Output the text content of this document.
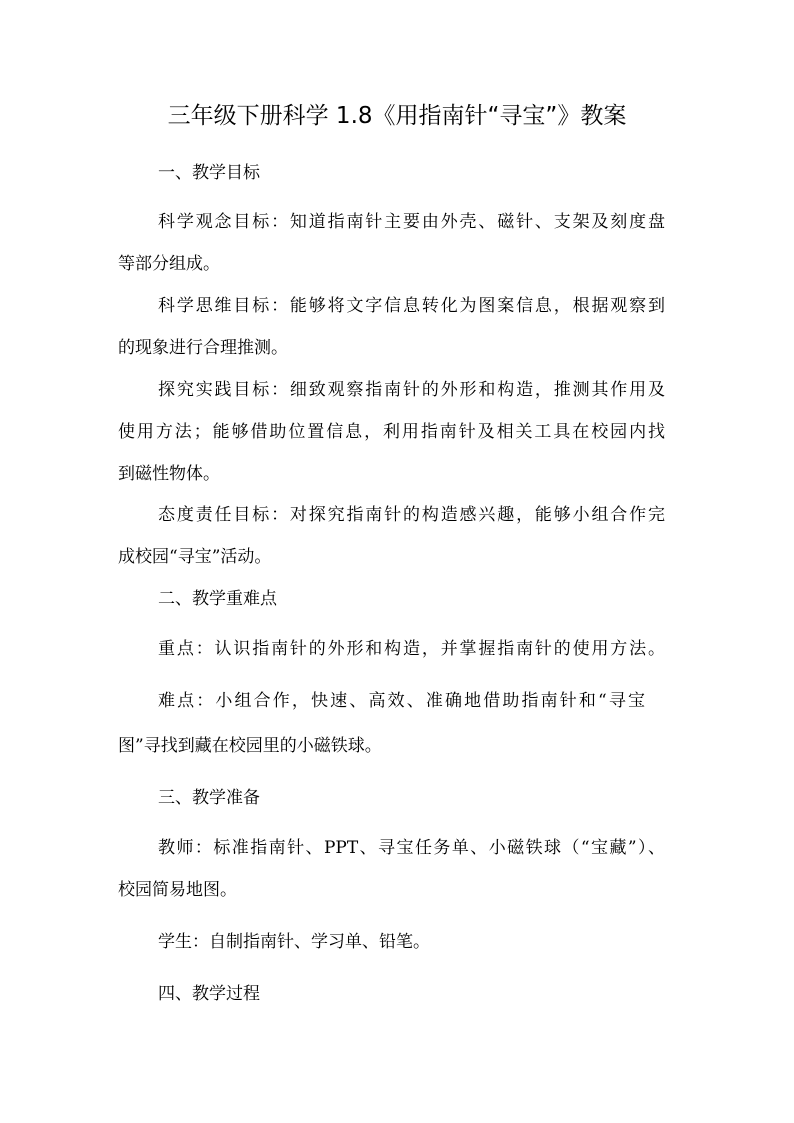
三年级下册科学 1.8《用指南针“寻宝”》教案

一、教学目标

科学观念目标：知道指南针主要由外壳、磁针、支架及刻度盘

等部分组成。

科学思维目标：能够将文字信息转化为图案信息，根据观察到

的现象进行合理推测。

探究实践目标：细致观察指南针的外形和构造，推测其作用及

使用方法；能够借助位置信息，利用指南针及相关工具在校园内找

到磁性物体。

态度责任目标：对探究指南针的构造感兴趣，能够小组合作完

成校园“寻宝”活动。

二、教学重难点

重点：认识指南针的外形和构造，并掌握指南针的使用方法。

难点：小组合作，快速、高效、准确地借助指南针和“寻宝

图”寻找到藏在校园里的小磁铁球。

三、教学准备

教师：标准指南针、PPT、寻宝任务单、小磁铁球（“宝藏”）、

校园简易地图。

学生：自制指南针、学习单、铅笔。

四、教学过程
